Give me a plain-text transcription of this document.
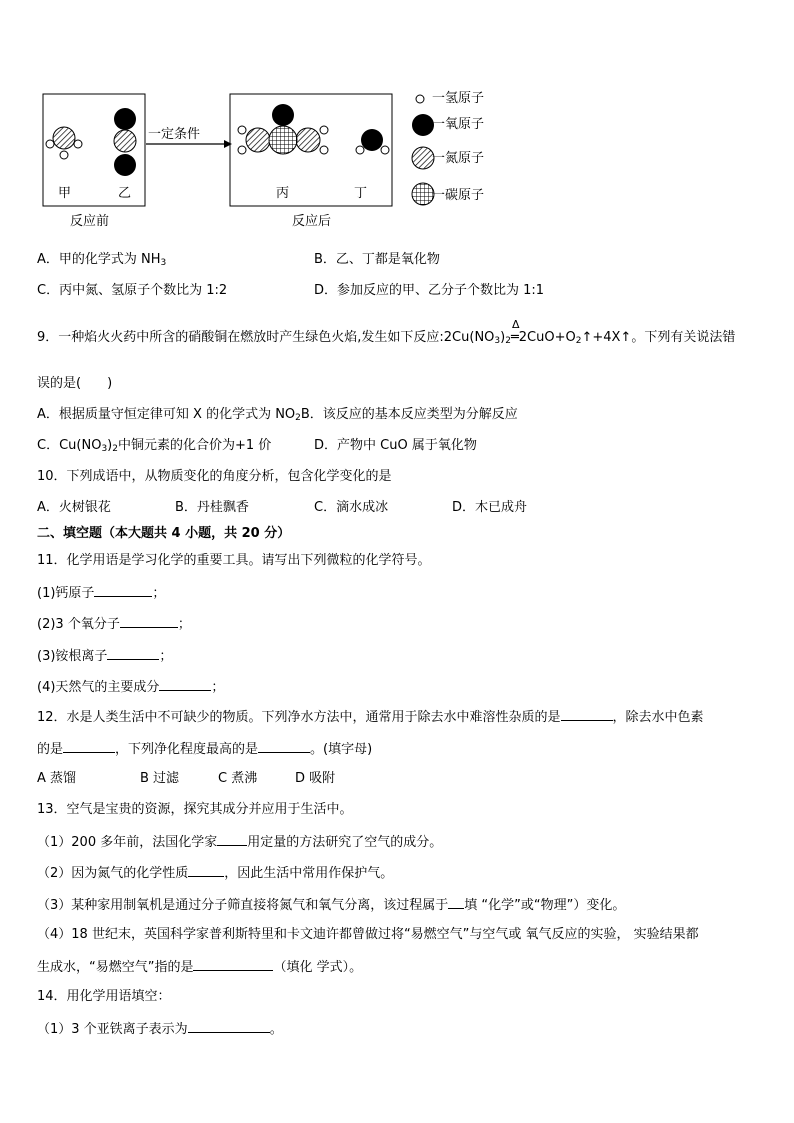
一定条件
甲	乙	丙	丁
反应前	反应后
一氢原子
一氧原子
一氮原子
一碳原子
A．甲的化学式为 $NH_3$	B．乙、丁都是氧化物
C．丙中氮、氢原子个数比为 1:2	D．参加反应的甲、乙分子个数比为 1:1
9．一种焰火火药中所含的硝酸铜在燃放时产生绿色火焰,发生如下反应$:2Cu(NO_3)_2$
Δ
$═2CuO+O_2↑+4X↑$。下列有关说法错
误的是(　　)
A．根据质量守恒定律可知 X 的化学式为 $NO_2B$．该反应的基本反应类型为分解反应
C．$Cu(NO_3)_2$中铜元素的化合价为+1 价	D．产物中 CuO 属于氧化物
10．下列成语中，从物质变化的角度分析，包含化学变化的是
A．火树银花	B．丹桂飘香	C．滴水成冰	D．木已成舟
二、填空题（本大题共 4 小题，共 20 分）
11．化学用语是学习化学的重要工具。请写出下列微粒的化学符号。
(1)钙原子	；
(2)3 个氧分子	；
(3)铵根离子	；
(4)天然气的主要成分	；
12．水是人类生活中不可缺少的物质。下列净水方法中，通常用于除去水中难溶性杂质的是	，除去水中色素
的是	，下列净化程度最高的是	。(填字母)
A 蒸馏	B 过滤	C 煮沸	D 吸附
13．空气是宝贵的资源，探究其成分并应用于生活中。
（1）200 多年前，法国化学家 用定量的方法研究了空气的成分。
（2）因为氮气的化学性质	，因此生活中常用作保护气。
（3）某种家用制氧机是通过分子筛直接将氮气和氧气分离，该过程属于 填 “化学”或“物理”）变化。
（4）18 世纪末，英国科学家普利斯特里和卡文迪许都曾做过将“易燃空气”与空气或 氧气反应的实验， 实验结果都
生成水，“易燃空气”指的是	（填化 学式）。
14．用化学用语填空：
（1）3 个亚铁离子表示为	。
